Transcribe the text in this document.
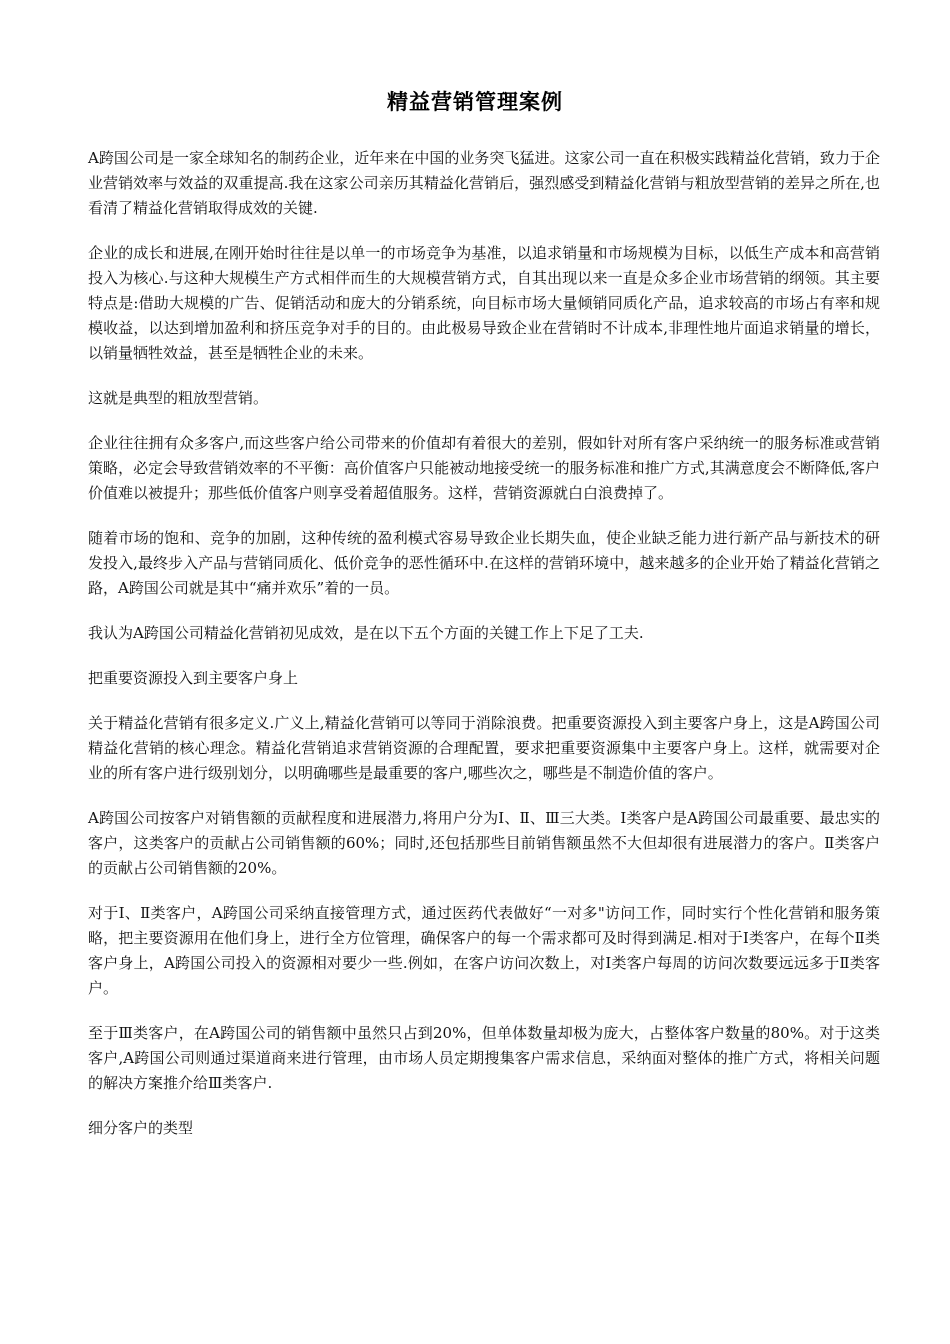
精益营销管理案例

A跨国公司是一家全球知名的制药企业，近年来在中国的业务突飞猛进。这家公司一直在积极实践精益化营销，致力于企业营销效率与效益的双重提高.我在这家公司亲历其精益化营销后，强烈感受到精益化营销与粗放型营销的差异之所在,也看清了精益化营销取得成效的关键.

企业的成长和进展,在刚开始时往往是以单一的市场竞争为基准，以追求销量和市场规模为目标，以低生产成本和高营销投入为核心.与这种大规模生产方式相伴而生的大规模营销方式，自其出现以来一直是众多企业市场营销的纲领。其主要特点是:借助大规模的广告、促销活动和庞大的分销系统，向目标市场大量倾销同质化产品，追求较高的市场占有率和规模收益，以达到增加盈利和挤压竞争对手的目的。由此极易导致企业在营销时不计成本,非理性地片面追求销量的增长，以销量牺牲效益，甚至是牺牲企业的未来。

这就是典型的粗放型营销。

企业往往拥有众多客户,而这些客户给公司带来的价值却有着很大的差别，假如针对所有客户采纳统一的服务标准或营销策略，必定会导致营销效率的不平衡：高价值客户只能被动地接受统一的服务标准和推广方式,其满意度会不断降低,客户价值难以被提升；那些低价值客户则享受着超值服务。这样，营销资源就白白浪费掉了。

随着市场的饱和、竞争的加剧，这种传统的盈利模式容易导致企业长期失血，使企业缺乏能力进行新产品与新技术的研发投入,最终步入产品与营销同质化、低价竞争的恶性循环中.在这样的营销环境中，越来越多的企业开始了精益化营销之路，A跨国公司就是其中“痛并欢乐”着的一员。

我认为A跨国公司精益化营销初见成效，是在以下五个方面的关键工作上下足了工夫.

把重要资源投入到主要客户身上

关于精益化营销有很多定义.广义上,精益化营销可以等同于消除浪费。把重要资源投入到主要客户身上，这是A跨国公司精益化营销的核心理念。精益化营销追求营销资源的合理配置，要求把重要资源集中主要客户身上。这样，就需要对企业的所有客户进行级别划分，以明确哪些是最重要的客户,哪些次之，哪些是不制造价值的客户。

A跨国公司按客户对销售额的贡献程度和进展潜力,将用户分为Ⅰ、Ⅱ、Ⅲ三大类。Ⅰ类客户是A跨国公司最重要、最忠实的客户，这类客户的贡献占公司销售额的60%；同时,还包括那些目前销售额虽然不大但却很有进展潜力的客户。Ⅱ类客户的贡献占公司销售额的20%。

对于Ⅰ、Ⅱ类客户，A跨国公司采纳直接管理方式，通过医药代表做好“一对多"访问工作，同时实行个性化营销和服务策略，把主要资源用在他们身上，进行全方位管理，确保客户的每一个需求都可及时得到满足.相对于Ⅰ类客户，在每个Ⅱ类客户身上，A跨国公司投入的资源相对要少一些.例如，在客户访问次数上，对Ⅰ类客户每周的访问次数要远远多于Ⅱ类客户。

至于Ⅲ类客户，在A跨国公司的销售额中虽然只占到20%，但单体数量却极为庞大，占整体客户数量的80%。对于这类客户,A跨国公司则通过渠道商来进行管理，由市场人员定期搜集客户需求信息，采纳面对整体的推广方式，将相关问题的解决方案推介给Ⅲ类客户.

细分客户的类型
